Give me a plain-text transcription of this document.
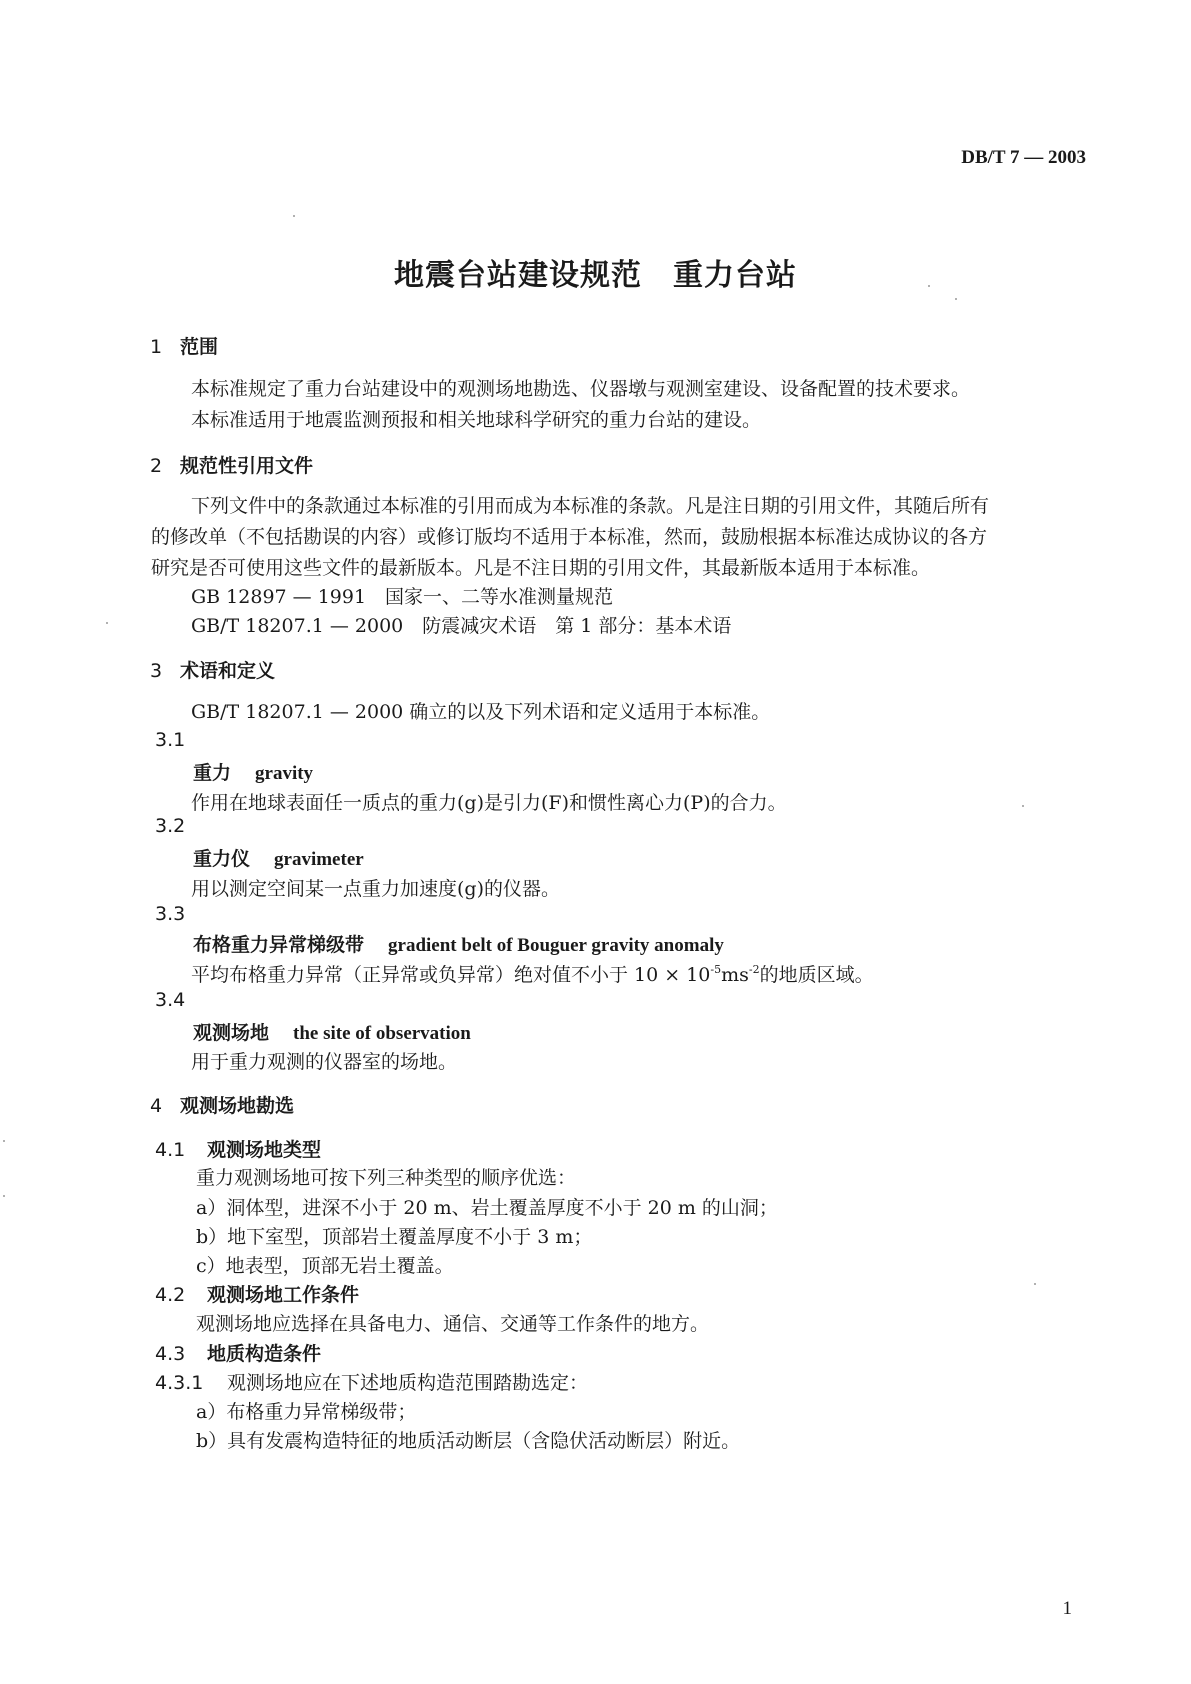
DB/T 7 — 2003
地震台站建设规范　重力台站
1 范围
本标准规定了重力台站建设中的观测场地勘选、仪器墩与观测室建设、设备配置的技术要求。
本标准适用于地震监测预报和相关地球科学研究的重力台站的建设。
2 规范性引用文件
下列文件中的条款通过本标准的引用而成为本标准的条款。凡是注日期的引用文件，其随后所有
的修改单（不包括勘误的内容）或修订版均不适用于本标准，然而，鼓励根据本标准达成协议的各方
研究是否可使用这些文件的最新版本。凡是不注日期的引用文件，其最新版本适用于本标准。
GB 12897 — 1991　国家一、二等水准测量规范
GB/T 18207.1 — 2000　防震减灾术语　第 1 部分：基本术语
3 术语和定义
GB/T 18207.1 — 2000 确立的以及下列术语和定义适用于本标准。
3.1
重力 gravity
作用在地球表面任一质点的重力(g)是引力(F)和惯性离心力(P)的合力。
3.2
重力仪 gravimeter
用以测定空间某一点重力加速度(g)的仪器。
3.3
布格重力异常梯级带 gradient belt of Bouguer gravity anomaly
平均布格重力异常（正异常或负异常）绝对值不小于 $10 \times 10^{-5}ms^{-2}$的地质区域。
3.4
观测场地 the site of observation
用于重力观测的仪器室的场地。
4 观测场地勘选
4.1 观测场地类型
重力观测场地可按下列三种类型的顺序优选：
a）洞体型，进深不小于 20 m、岩土覆盖厚度不小于 20 m 的山洞；
b）地下室型，顶部岩土覆盖厚度不小于 3 m；
c）地表型，顶部无岩土覆盖。
4.2 观测场地工作条件
观测场地应选择在具备电力、通信、交通等工作条件的地方。
4.3 地质构造条件
4.3.1 观测场地应在下述地质构造范围踏勘选定：
a）布格重力异常梯级带；
b）具有发震构造特征的地质活动断层（含隐伏活动断层）附近。
1
